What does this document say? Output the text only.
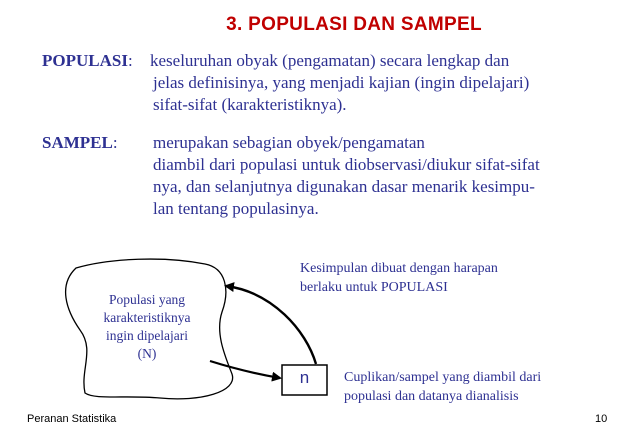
3. POPULASI DAN SAMPEL
POPULASI: keseluruhan obyak (pengamatan) secara lengkap dan
jelas definisinya, yang menjadi kajian (ingin dipelajari)
sifat-sifat (karakteristiknya).
SAMPEL: merupakan sebagian obyek/pengamatan
diambil dari populasi untuk diobservasi/diukur sifat-sifat
nya, dan selanjutnya digunakan dasar menarik kesimpu-
lan tentang populasinya.
Populasi yang
karakteristiknya
ingin dipelajari
(N)
n
Kesimpulan dibuat dengan harapan
berlaku untuk POPULASI
Cuplikan/sampel yang diambil dari
populasi dan datanya dianalisis
Peranan Statistika	10
